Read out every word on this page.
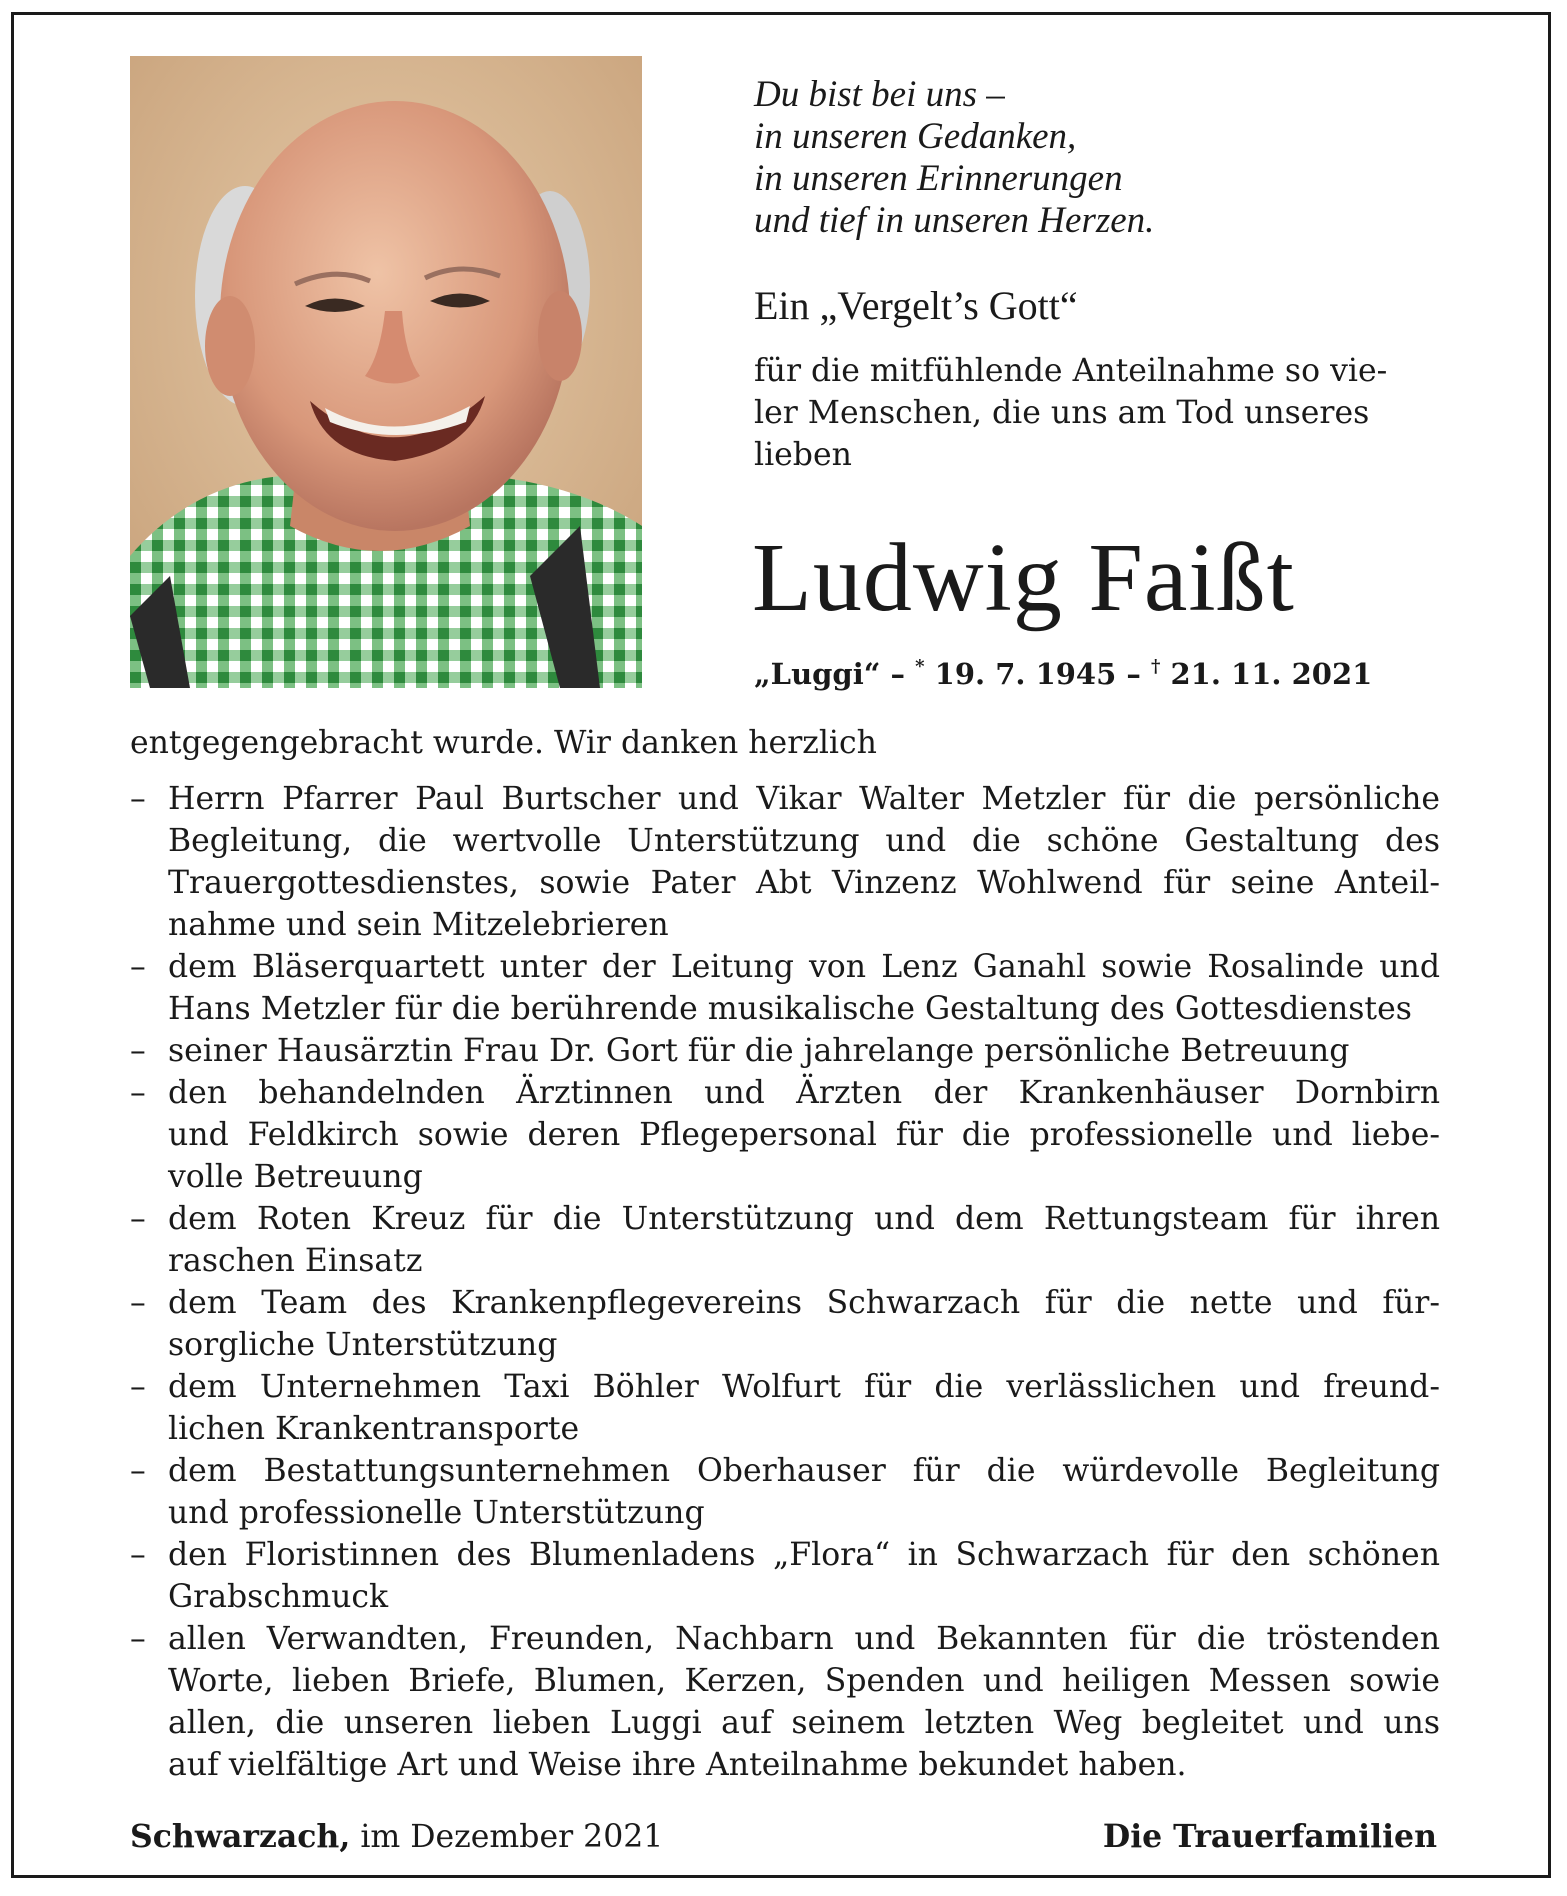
Du bist bei uns –
in unseren Gedanken,
in unseren Erinnerungen
und tief in unseren Herzen.
Ein „Vergelt’s Gott“
für die mitfühlende Anteilnahme so vie-
ler Menschen, die uns am Tod unseres
lieben
Ludwig Faißt
„Luggi“ – * 19. 7. 1945 – † 21. 11. 2021
entgegengebracht wurde. Wir danken herzlich
– Herrn Pfarrer Paul Burtscher und Vikar Walter Metzler für die persönliche
Begleitung, die wertvolle Unterstützung und die schöne Gestaltung des
Trauergottesdienstes, sowie Pater Abt Vinzenz Wohlwend für seine Anteil-
nahme und sein Mitzelebrieren
– dem Bläserquartett unter der Leitung von Lenz Ganahl sowie Rosalinde und
Hans Metzler für die berührende musikalische Gestaltung des Gottesdienstes
– seiner Hausärztin Frau Dr. Gort für die jahrelange persönliche Betreuung
– den behandelnden Ärztinnen und Ärzten der Krankenhäuser Dornbirn
und Feldkirch sowie deren Pflegepersonal für die professionelle und liebe-
volle Betreuung
– dem Roten Kreuz für die Unterstützung und dem Rettungsteam für ihren
raschen Einsatz
– dem Team des Krankenpflegevereins Schwarzach für die nette und für-
sorgliche Unterstützung
– dem Unternehmen Taxi Böhler Wolfurt für die verlässlichen und freund-
lichen Krankentransporte
– dem Bestattungsunternehmen Oberhauser für die würdevolle Begleitung
und professionelle Unterstützung
– den Floristinnen des Blumenladens „Flora“ in Schwarzach für den schönen
Grabschmuck
– allen Verwandten, Freunden, Nachbarn und Bekannten für die tröstenden
Worte, lieben Briefe, Blumen, Kerzen, Spenden und heiligen Messen sowie
allen, die unseren lieben Luggi auf seinem letzten Weg begleitet und uns
auf vielfältige Art und Weise ihre Anteilnahme bekundet haben.
Schwarzach, im Dezember 2021	Die Trauerfamilien
